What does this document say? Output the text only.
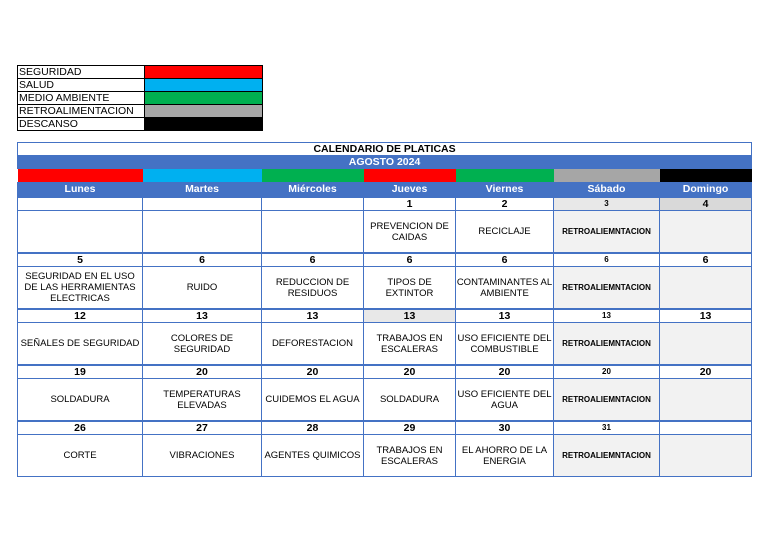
SEGURIDAD	
SALUD	
MEDIO AMBIENTE	
RETROALIMENTACION	
DESCANSO	
CALENDARIO DE PLATICAS						
AGOSTO 2024						

Lunes	Martes	Miércoles	Jueves	Viernes	Sábado	Domingo
			1	2	3	4
			PREVENCION DE CAIDAS	RECICLAJE	RETROALIEMNTACION	
5	6	6	6	6	6	6
SEGURIDAD EN EL USO DE LAS HERRAMIENTAS ELECTRICAS	RUIDO	REDUCCION DE RESIDUOS	TIPOS DE EXTINTOR	CONTAMINANTES AL AMBIENTE	RETROALIEMNTACION	
12	13	13	13	13	13	13
SEÑALES DE SEGURIDAD	COLORES DE SEGURIDAD	DEFORESTACION	TRABAJOS EN ESCALERAS	USO EFICIENTE DEL COMBUSTIBLE	RETROALIEMNTACION	
19	20	20	20	20	20	20
SOLDADURA	TEMPERATURAS ELEVADAS	CUIDEMOS EL AGUA	SOLDADURA	USO EFICIENTE DEL AGUA	RETROALIEMNTACION	
26	27	28	29	30	31	
CORTE	VIBRACIONES	AGENTES QUIMICOS	TRABAJOS EN ESCALERAS	EL AHORRO DE LA ENERGIA	RETROALIEMNTACION	
